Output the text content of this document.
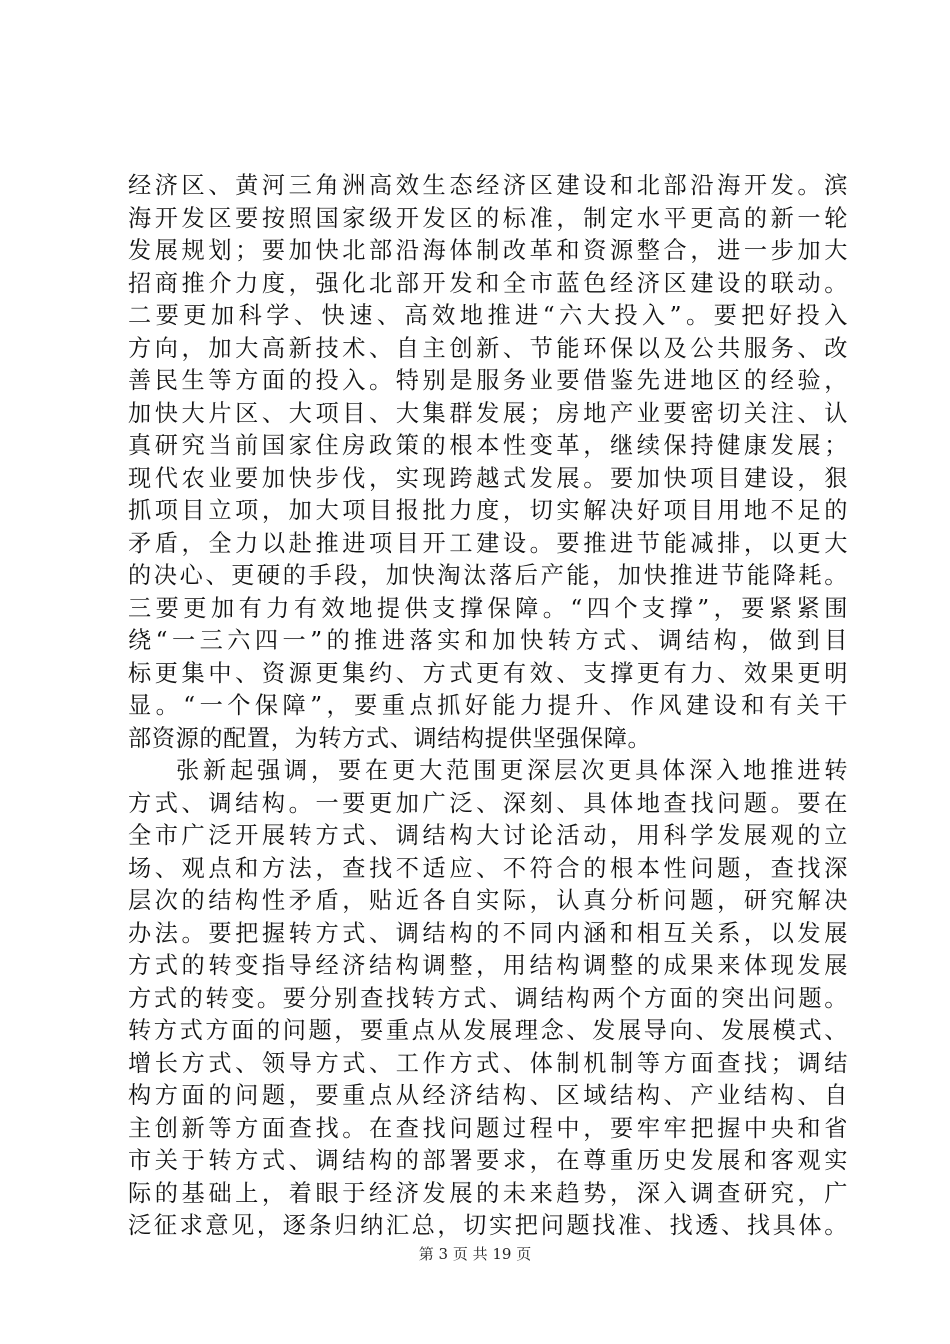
经济区、黄河三角洲高效生态经济区建设和北部沿海开发。滨
海开发区要按照国家级开发区的标准，制定水平更高的新一轮
发展规划；要加快北部沿海体制改革和资源整合，进一步加大
招商推介力度，强化北部开发和全市蓝色经济区建设的联动。
二要更加科学、快速、高效地推进“六大投入”。要把好投入
方向，加大高新技术、自主创新、节能环保以及公共服务、改
善民生等方面的投入。特别是服务业要借鉴先进地区的经验，
加快大片区、大项目、大集群发展；房地产业要密切关注、认
真研究当前国家住房政策的根本性变革，继续保持健康发展；
现代农业要加快步伐，实现跨越式发展。要加快项目建设，狠
抓项目立项，加大项目报批力度，切实解决好项目用地不足的
矛盾，全力以赴推进项目开工建设。要推进节能减排，以更大
的决心、更硬的手段，加快淘汰落后产能，加快推进节能降耗。
三要更加有力有效地提供支撑保障。“四个支撑”，要紧紧围
绕“一三六四一”的推进落实和加快转方式、调结构，做到目
标更集中、资源更集约、方式更有效、支撑更有力、效果更明
显。“一个保障”，要重点抓好能力提升、作风建设和有关干
部资源的配置，为转方式、调结构提供坚强保障。
张新起强调，要在更大范围更深层次更具体深入地推进转
方式、调结构。一要更加广泛、深刻、具体地查找问题。要在
全市广泛开展转方式、调结构大讨论活动，用科学发展观的立
场、观点和方法，查找不适应、不符合的根本性问题，查找深
层次的结构性矛盾，贴近各自实际，认真分析问题，研究解决
办法。要把握转方式、调结构的不同内涵和相互关系，以发展
方式的转变指导经济结构调整，用结构调整的成果来体现发展
方式的转变。要分别查找转方式、调结构两个方面的突出问题。
转方式方面的问题，要重点从发展理念、发展导向、发展模式、
增长方式、领导方式、工作方式、体制机制等方面查找；调结
构方面的问题，要重点从经济结构、区域结构、产业结构、自
主创新等方面查找。在查找问题过程中，要牢牢把握中央和省
市关于转方式、调结构的部署要求，在尊重历史发展和客观实
际的基础上，着眼于经济发展的未来趋势，深入调查研究，广
泛征求意见，逐条归纳汇总，切实把问题找准、找透、找具体。
第 3 页 共 19 页
